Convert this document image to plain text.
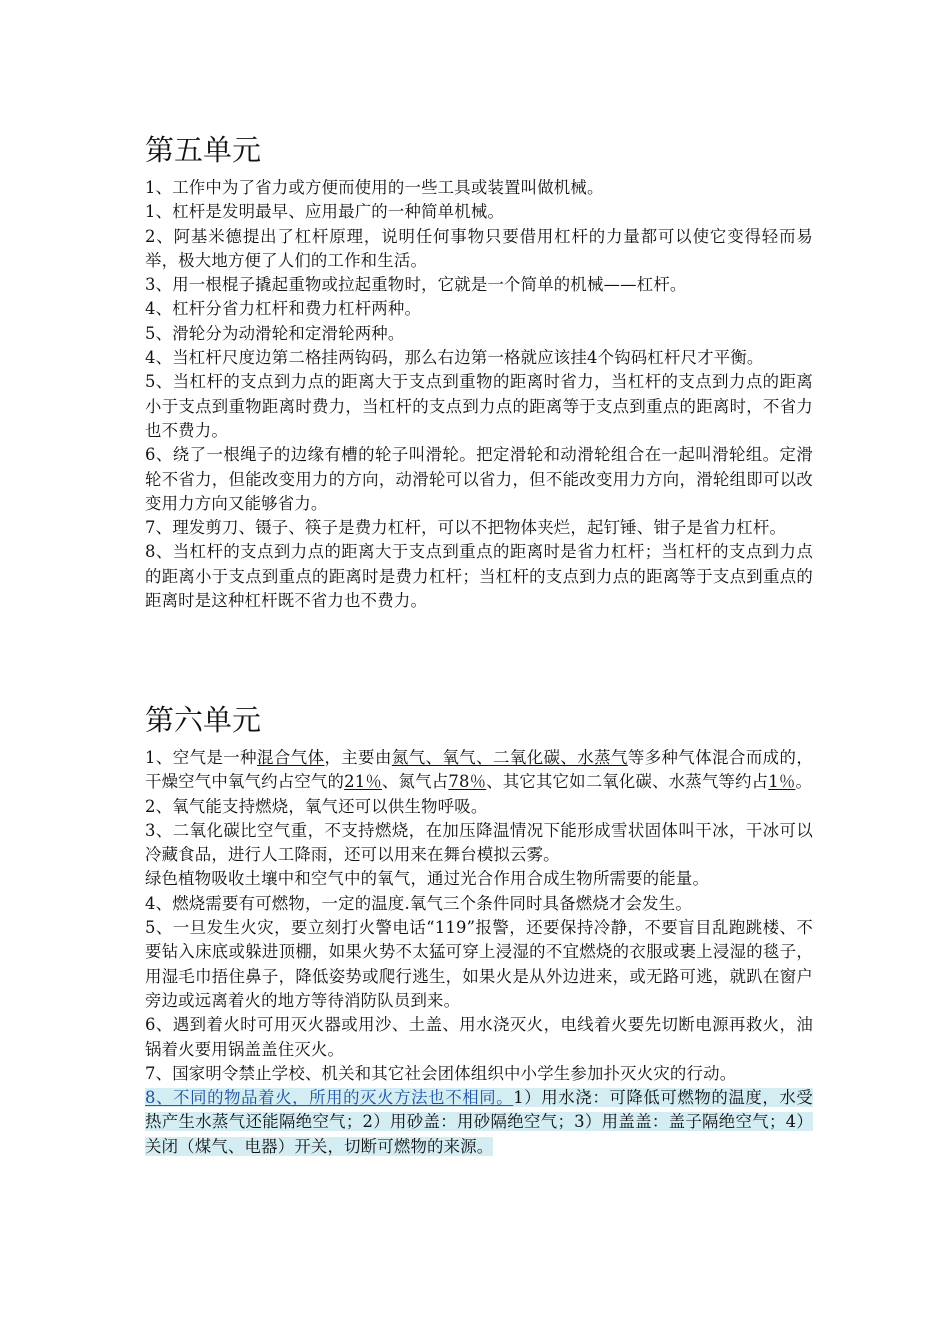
第五单元

1、工作中为了省力或方便而使用的一些工具或装置叫做机械。

1、杠杆是发明最早、应用最广的一种简单机械。

2、阿基米德提出了杠杆原理，说明任何事物只要借用杠杆的力量都可以使它变得轻而易举，极大地方便了人们的工作和生活。

3、用一根棍子撬起重物或拉起重物时，它就是一个简单的机械——杠杆。

4、杠杆分省力杠杆和费力杠杆两种。

5、滑轮分为动滑轮和定滑轮两种。

4、当杠杆尺度边第二格挂两钩码，那么右边第一格就应该挂4个钩码杠杆尺才平衡。

5、当杠杆的支点到力点的距离大于支点到重物的距离时省力，当杠杆的支点到力点的距离小于支点到重物距离时费力，当杠杆的支点到力点的距离等于支点到重点的距离时，不省力也不费力。

6、绕了一根绳子的边缘有槽的轮子叫滑轮。把定滑轮和动滑轮组合在一起叫滑轮组。定滑轮不省力，但能改变用力的方向，动滑轮可以省力，但不能改变用力方向，滑轮组即可以改变用力方向又能够省力。

7、理发剪刀、镊子、筷子是费力杠杆，可以不把物体夹烂，起钉锤、钳子是省力杠杆。

8、当杠杆的支点到力点的距离大于支点到重点的距离时是省力杠杆；当杠杆的支点到力点的距离小于支点到重点的距离时是费力杠杆；当杠杆的支点到力点的距离等于支点到重点的距离时是这种杠杆既不省力也不费力。

第六单元

1、空气是一种混合气体，主要由氮气、氧气、二氧化碳、水蒸气等多种气体混合而成的，干燥空气中氧气约占空气的21％、氮气占78％、其它其它如二氧化碳、水蒸气等约占1％。

2、氧气能支持燃烧，氧气还可以供生物呼吸。

3、二氧化碳比空气重，不支持燃烧，在加压降温情况下能形成雪状固体叫干冰，干冰可以冷藏食品，进行人工降雨，还可以用来在舞台模拟云雾。

绿色植物吸收土壤中和空气中的氧气，通过光合作用合成生物所需要的能量。

4、燃烧需要有可燃物，一定的温度.氧气三个条件同时具备燃烧才会发生。

5、一旦发生火灾，要立刻打火警电话“119”报警，还要保持冷静，不要盲目乱跑跳楼、不要钻入床底或躲进顶棚，如果火势不太猛可穿上浸湿的不宜燃烧的衣服或裹上浸湿的毯子，用湿毛巾捂住鼻子，降低姿势或爬行逃生，如果火是从外边进来，或无路可逃，就趴在窗户旁边或远离着火的地方等待消防队员到来。

6、遇到着火时可用灭火器或用沙、土盖、用水浇灭火，电线着火要先切断电源再救火，油锅着火要用锅盖盖住灭火。

7、国家明令禁止学校、机关和其它社会团体组织中小学生参加扑灭火灾的行动。

8、不同的物品着火，所用的灭火方法也不相同。1）用水浇：可降低可燃物的温度，水受热产生水蒸气还能隔绝空气；2）用砂盖：用砂隔绝空气；3）用盖盖：盖子隔绝空气；4）关闭（煤气、电器）开关，切断可燃物的来源。
